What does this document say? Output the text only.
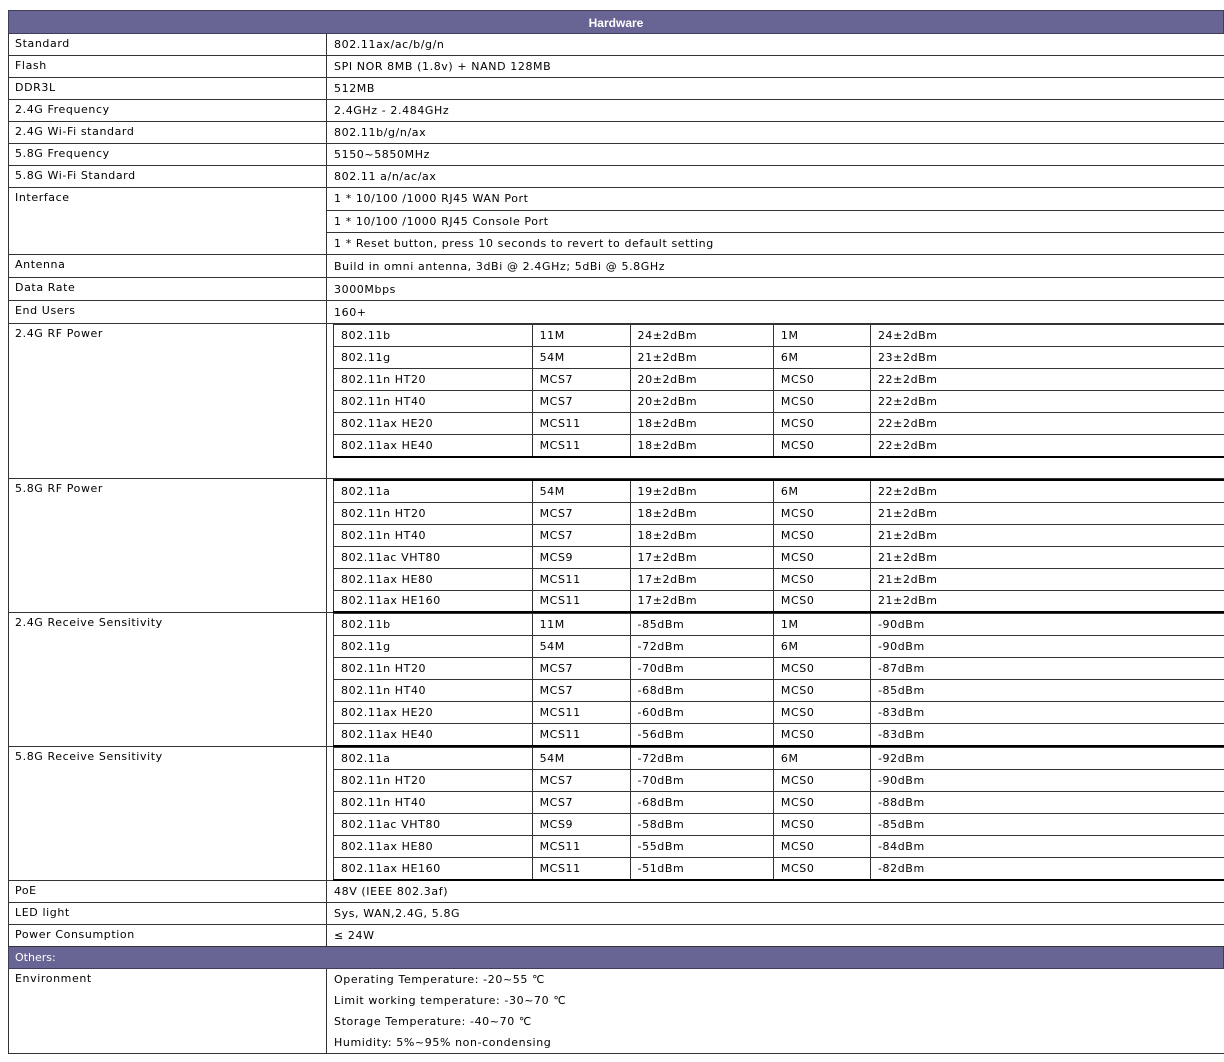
Hardware
Standard	802.11ax/ac/b/g/n
Flash	SPI NOR 8MB (1.8v) + NAND 128MB
DDR3L	512MB
2.4G Frequency	2.4GHz - 2.484GHz
2.4G Wi-Fi standard	802.11b/g/n/ax
5.8G Frequency	5150~5850MHz
5.8G Wi-Fi Standard	802.11 a/n/ac/ax
Interface	1 * 10/100 /1000 RJ45 WAN Port
1 * 10/100 /1000 RJ45 Console Port
1 * Reset button, press 10 seconds to revert to default setting
Antenna	Build in omni antenna, 3dBi @ 2.4GHz; 5dBi @ 5.8GHz
Data Rate	3000Mbps
End Users	160+
2.4G RF Power	802.11b	11M	24±2dBm	1M	24±2dBm
802.11g	54M	21±2dBm	6M	23±2dBm
802.11n HT20	MCS7	20±2dBm	MCS0	22±2dBm
802.11n HT40	MCS7	20±2dBm	MCS0	22±2dBm
802.11ax HE20	MCS11	18±2dBm	MCS0	22±2dBm
802.11ax HE40	MCS11	18±2dBm	MCS0	22±2dBm
5.8G RF Power	802.11a	54M	19±2dBm	6M	22±2dBm
802.11n HT20	MCS7	18±2dBm	MCS0	21±2dBm
802.11n HT40	MCS7	18±2dBm	MCS0	21±2dBm
802.11ac VHT80	MCS9	17±2dBm	MCS0	21±2dBm
802.11ax HE80	MCS11	17±2dBm	MCS0	21±2dBm
802.11ax HE160	MCS11	17±2dBm	MCS0	21±2dBm
2.4G Receive Sensitivity	802.11b	11M	-85dBm	1M	-90dBm
802.11g	54M	-72dBm	6M	-90dBm
802.11n HT20	MCS7	-70dBm	MCS0	-87dBm
802.11n HT40	MCS7	-68dBm	MCS0	-85dBm
802.11ax HE20	MCS11	-60dBm	MCS0	-83dBm
802.11ax HE40	MCS11	-56dBm	MCS0	-83dBm
5.8G Receive Sensitivity	802.11a	54M	-72dBm	6M	-92dBm
802.11n HT20	MCS7	-70dBm	MCS0	-90dBm
802.11n HT40	MCS7	-68dBm	MCS0	-88dBm
802.11ac VHT80	MCS9	-58dBm	MCS0	-85dBm
802.11ax HE80	MCS11	-55dBm	MCS0	-84dBm
802.11ax HE160	MCS11	-51dBm	MCS0	-82dBm
PoE	48V (IEEE 802.3af)
LED light	Sys, WAN,2.4G, 5.8G
Power Consumption	≤ 24W
Others:
Environment	Operating Temperature: -20~55 ℃
Limit working temperature: -30~70 ℃
Storage Temperature: -40~70 ℃
Humidity: 5%~95% non-condensing
